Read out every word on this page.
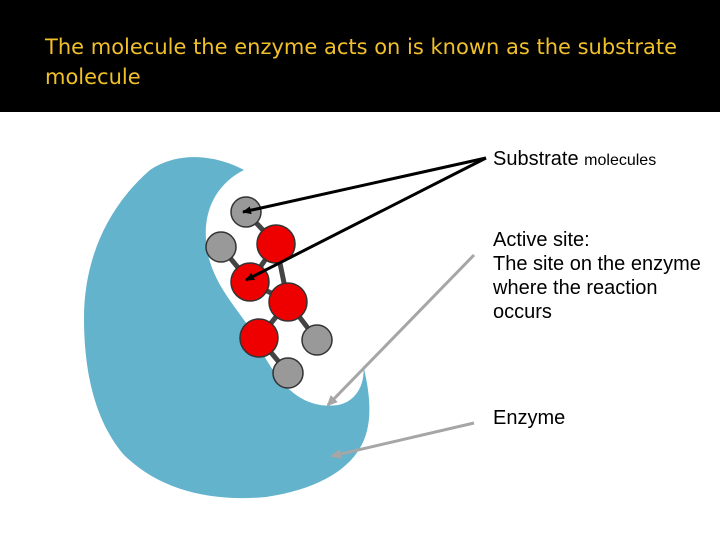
The molecule the enzyme acts on is known as the substrate molecule
Substrate molecules
Active site:
The site on the enzyme where the reaction occurs
Enzyme
